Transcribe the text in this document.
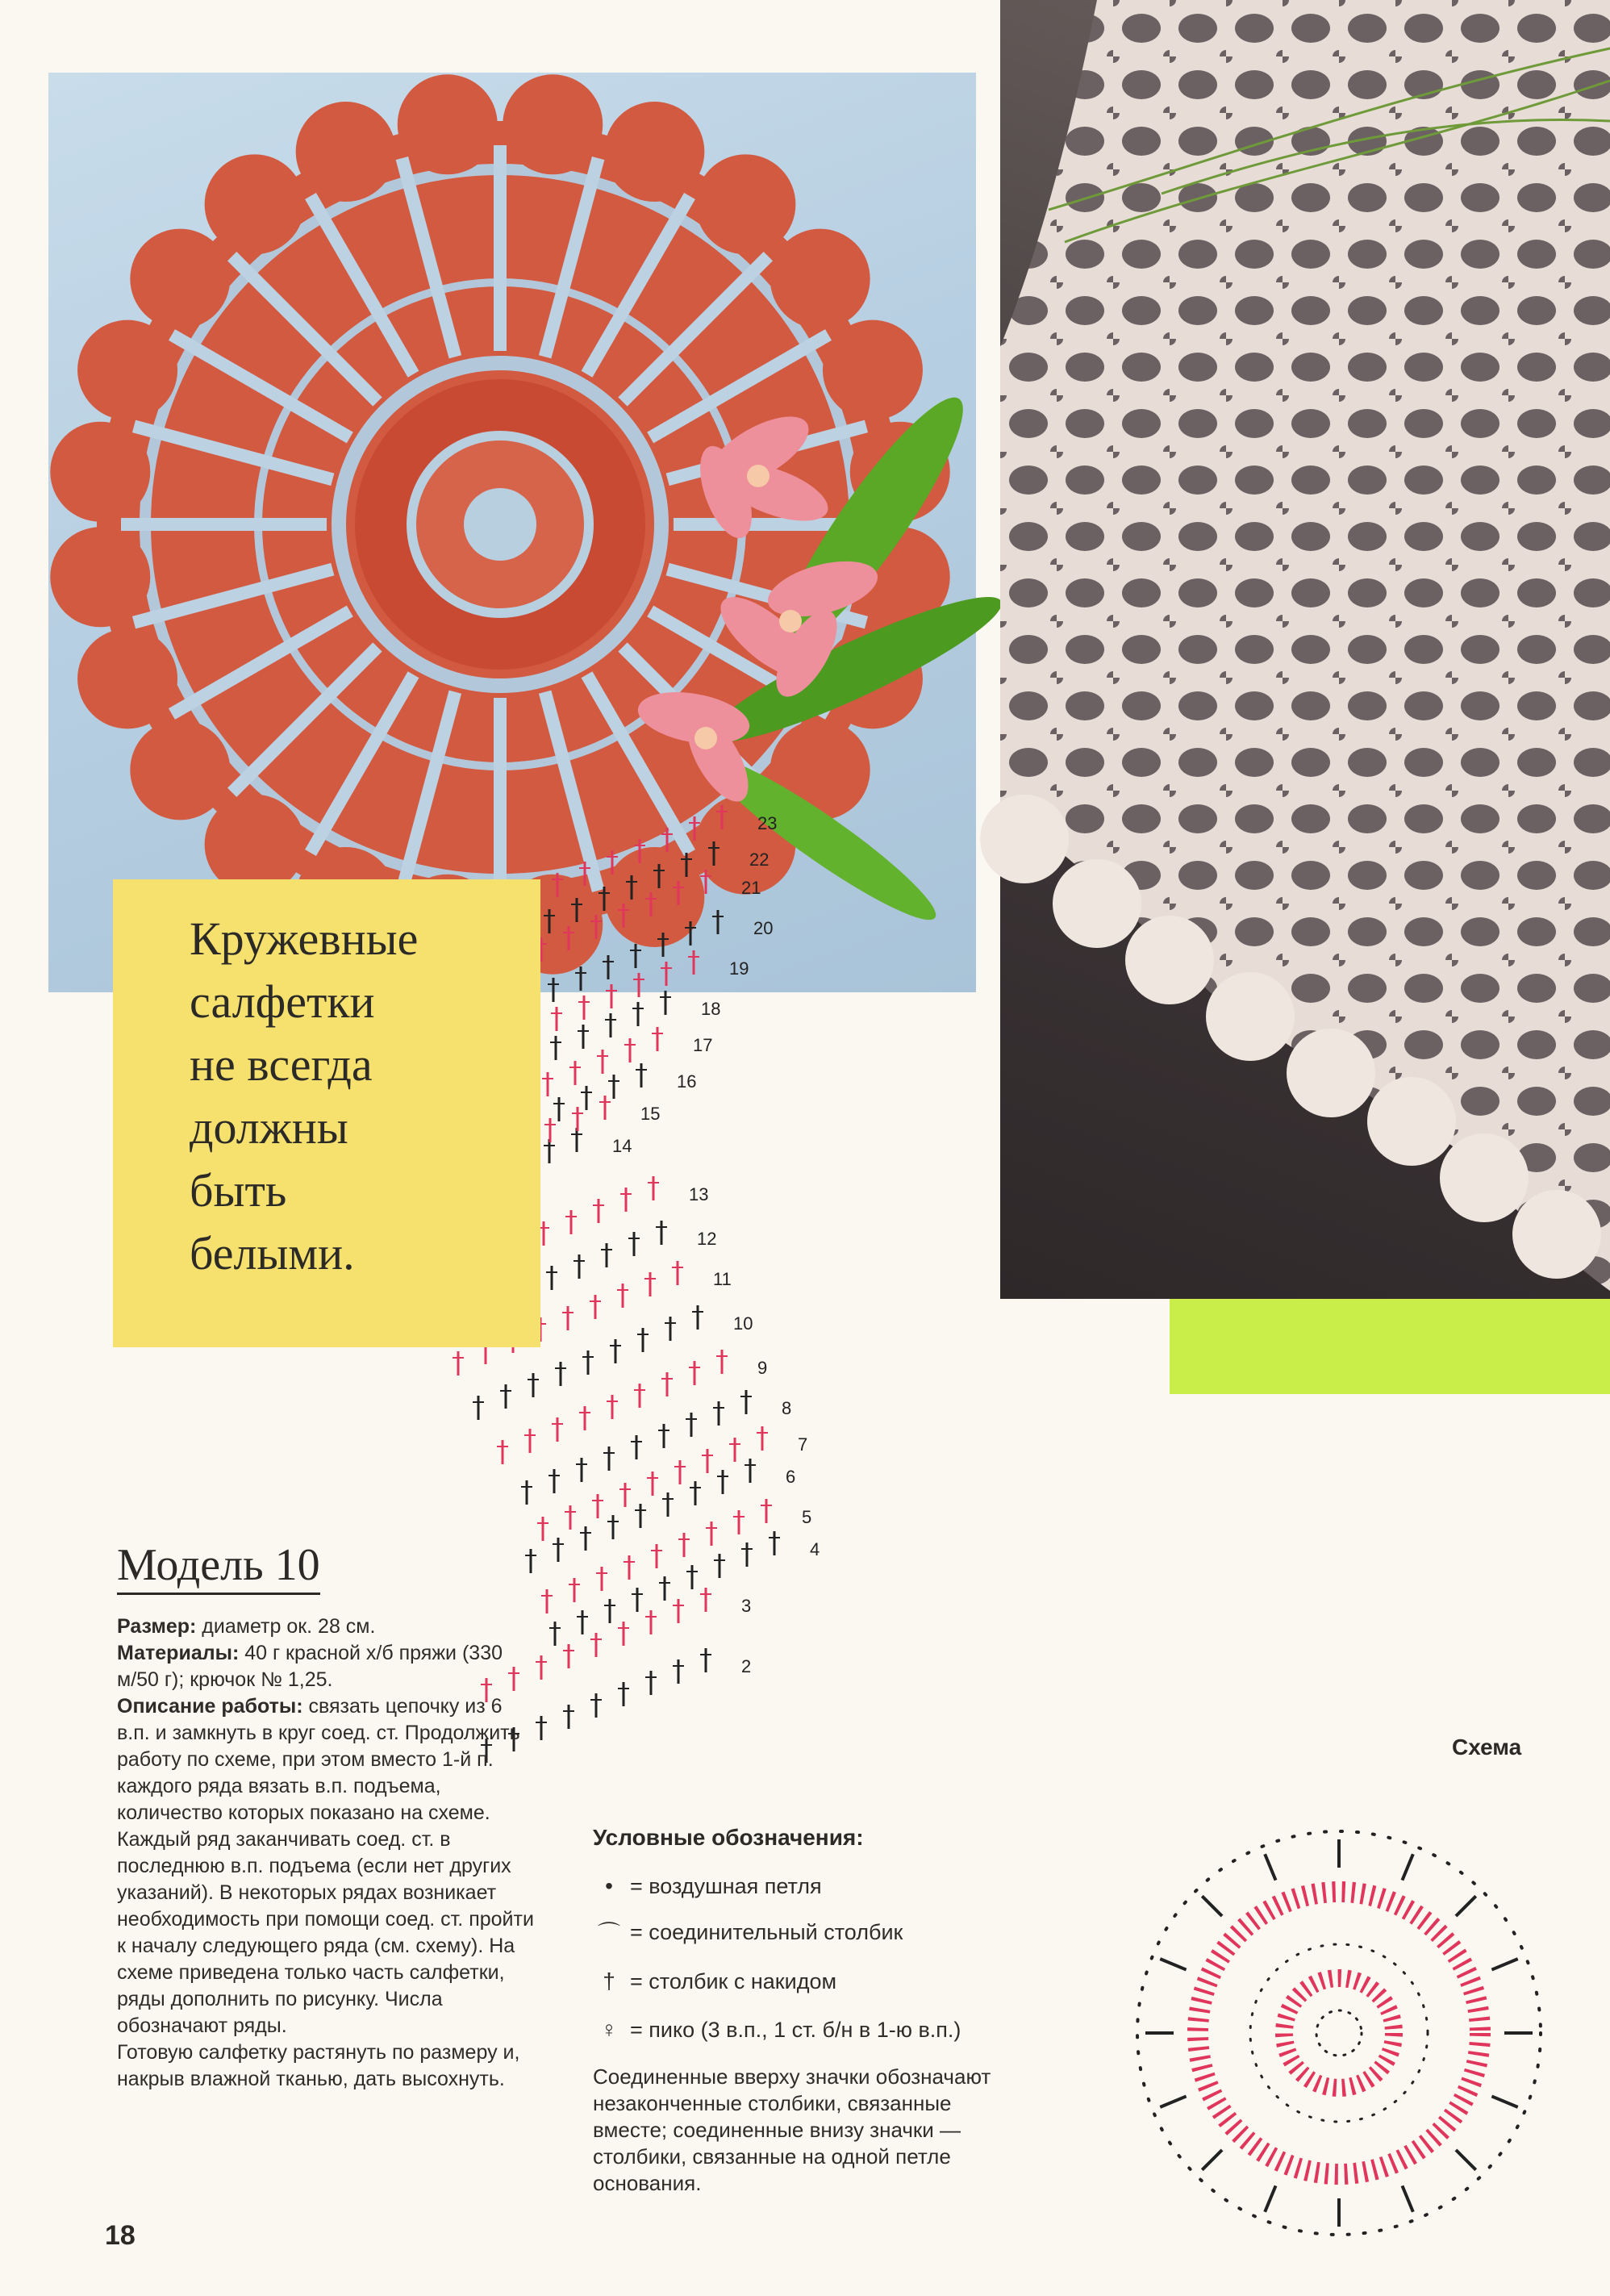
2
3
4
5
6
7
8
9
10
11
12
13
14
15
16
17
18
19
20
21
22
23
Кружевные
салфетки
не всегда
должны
быть
белыми.
Модель 10

Размер: диаметр ок. 28 см.

Материалы: 40 г красной х/б пряжи (330 м/50 г); крючок № 1,25.

Описание работы: связать цепочку из 6 в.п. и замкнуть в круг соед. ст. Продолжить работу по схеме, при этом вместо 1-й п. каждого ряда вязать в.п. подъема, количество которых показано на схеме. Каждый ряд заканчивать соед. ст. в последнюю в.п. подъема (если нет других указаний). В некоторых рядах возникает необходимость при помощи соед. ст. пройти к началу следующего ряда (см. схему). На схеме приведена только часть салфетки, ряды дополнить по рисунку. Числа обозначают ряды.

Готовую салфетку растянуть по размеру и, накрыв влажной тканью, дать высохнуть.

Условные обозначения:
• = воздушная петля
⌒ = соединительный столбик
† = столбик с накидом
♀ = пико (3 в.п., 1 ст. б/н в 1-ю в.п.)
Соединенные вверху значки обозначают незаконченные столбики, связанные вместе; соединенные внизу значки — столбики, связанные на одной петле основания.
Схема
18
